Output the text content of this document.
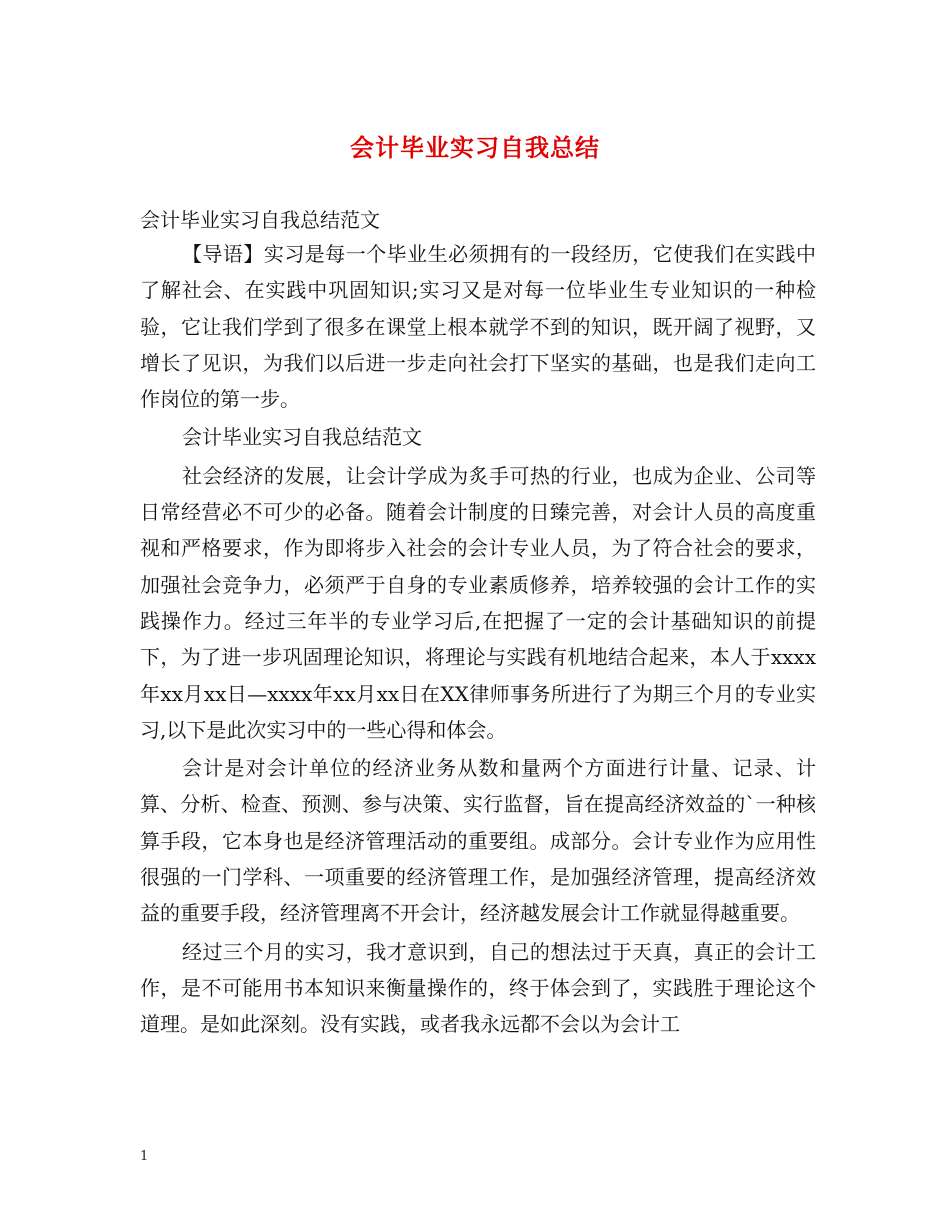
会计毕业实习自我总结

会计毕业实习自我总结范文

【导语】实习是每一个毕业生必须拥有的一段经历，它使我们在实践中了解社会、在实践中巩固知识;实习又是对每一位毕业生专业知识的一种检验，它让我们学到了很多在课堂上根本就学不到的知识，既开阔了视野，又增长了见识，为我们以后进一步走向社会打下坚实的基础，也是我们走向工作岗位的第一步。

会计毕业实习自我总结范文

社会经济的发展，让会计学成为炙手可热的行业，也成为企业、公司等日常经营必不可少的必备。随着会计制度的日臻完善，对会计人员的高度重视和严格要求，作为即将步入社会的会计专业人员，为了符合社会的要求，加强社会竞争力，必须严于自身的专业素质修养，培养较强的会计工作的实践操作力。经过三年半的专业学习后,在把握了一定的会计基础知识的前提下，为了进一步巩固理论知识，将理论与实践有机地结合起来，本人于xxxx年xx月xx日—xxxx年xx月xx日在XX律师事务所进行了为期三个月的专业实习,以下是此次实习中的一些心得和体会。

会计是对会计单位的经济业务从数和量两个方面进行计量、记录、计算、分析、检查、预测、参与决策、实行监督，旨在提高经济效益的`一种核算手段，它本身也是经济管理活动的重要组。成部分。会计专业作为应用性很强的一门学科、一项重要的经济管理工作，是加强经济管理，提高经济效益的重要手段，经济管理离不开会计，经济越发展会计工作就显得越重要。

经过三个月的实习，我才意识到，自己的想法过于天真，真正的会计工作，是不可能用书本知识来衡量操作的，终于体会到了，实践胜于理论这个道理。是如此深刻。没有实践，或者我永远都不会以为会计工

1
